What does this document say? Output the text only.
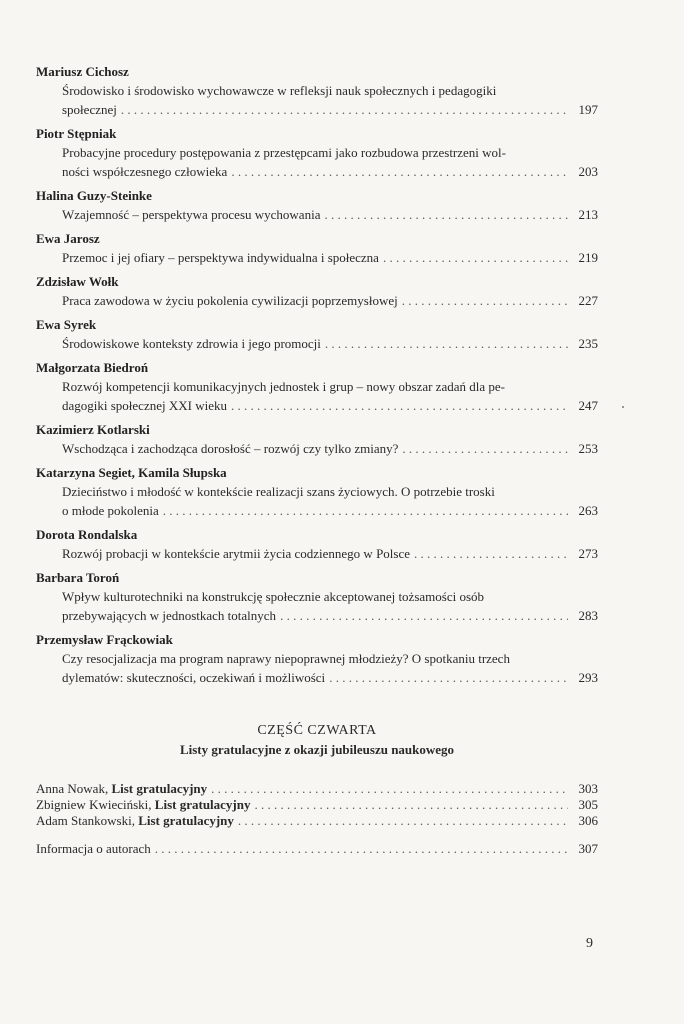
Mariusz Cichosz
Środowisko i środowisko wychowawcze w refleksji nauk społecznych i pedagogiki
społecznej . . .	197
Piotr Stępniak
Probacyjne procedury postępowania z przestępcami jako rozbudowa przestrzeni wol-
ności współczesnego człowieka . . .	203
Halina Guzy-Steinke
Wzajemność – perspektywa procesu wychowania . . .	213
Ewa Jarosz
Przemoc i jej ofiary – perspektywa indywidualna i społeczna . . .	219
Zdzisław Wołk
Praca zawodowa w życiu pokolenia cywilizacji poprzemysłowej . . .	227
Ewa Syrek
Środowiskowe konteksty zdrowia i jego promocji . . .	235
Małgorzata Biedroń
Rozwój kompetencji komunikacyjnych jednostek i grup – nowy obszar zadań dla pe-
dagogiki społecznej XXI wieku . . .	247
Kazimierz Kotlarski
Wschodząca i zachodząca dorosłość – rozwój czy tylko zmiany? . . .	253
Katarzyna Segiet, Kamila Słupska
Dzieciństwo i młodość w kontekście realizacji szans życiowych. O potrzebie troski
o młode pokolenia . . .	263
Dorota Rondalska
Rozwój probacji w kontekście arytmii życia codziennego w Polsce . . .	273
Barbara Toroń
Wpływ kulturotechniki na konstrukcję społecznie akceptowanej tożsamości osób
przebywających w jednostkach totalnych . . .	283
Przemysław Frąckowiak
Czy resocjalizacja ma program naprawy niepoprawnej młodzieży? O spotkaniu trzech
dylematów: skuteczności, oczekiwań i możliwości . . .	293
CZĘŚĆ CZWARTA
Listy gratulacyjne z okazji jubileuszu naukowego
Anna Nowak, List gratulacyjny . . .	303
Zbigniew Kwieciński, List gratulacyjny . . .	305
Adam Stankowski, List gratulacyjny . . .	306
Informacja o autorach . . .	307
9
